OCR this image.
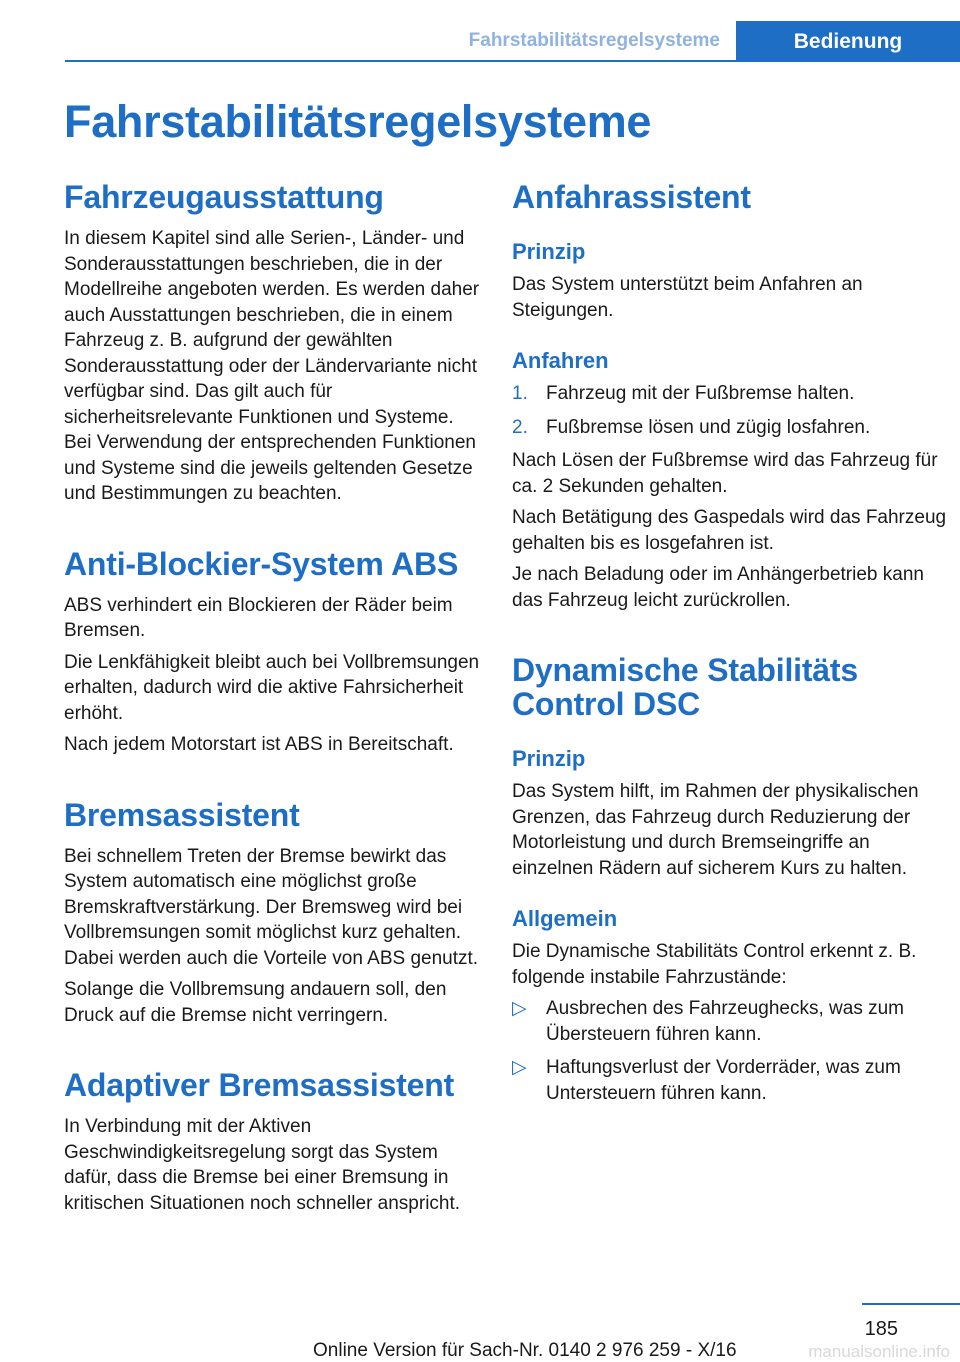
Fahrstabilitätsregelsysteme	Bedienung
Fahrstabilitätsregelsysteme
Fahrzeugausstattung

In diesem Kapitel sind alle Serien-, Länder- und Sonderausstattungen beschrieben, die in der Modellreihe angeboten werden. Es werden daher auch Ausstattungen beschrieben, die in einem Fahrzeug z. B. aufgrund der gewählten Sonderausstattung oder der Ländervariante nicht verfügbar sind. Das gilt auch für sicherheitsrelevante Funktionen und Systeme. Bei Verwendung der entsprechenden Funktionen und Systeme sind die jeweils geltenden Gesetze und Bestimmungen zu beachten.

Anti-Blockier-System ABS

ABS verhindert ein Blockieren der Räder beim Bremsen.

Die Lenkfähigkeit bleibt auch bei Vollbremsungen erhalten, dadurch wird die aktive Fahrsicherheit erhöht.

Nach jedem Motorstart ist ABS in Bereitschaft.

Bremsassistent

Bei schnellem Treten der Bremse bewirkt das System automatisch eine möglichst große Bremskraftverstärkung. Der Bremsweg wird bei Vollbremsungen somit möglichst kurz gehalten. Dabei werden auch die Vorteile von ABS genutzt.

Solange die Vollbremsung andauern soll, den Druck auf die Bremse nicht verringern.

Adaptiver Bremsassistent

In Verbindung mit der Aktiven Geschwindigkeitsregelung sorgt das System dafür, dass die Bremse bei einer Bremsung in kritischen Situationen noch schneller anspricht.

Anfahrassistent
Prinzip

Das System unterstützt beim Anfahren an Steigungen.

Anfahren
1. Fahrzeug mit der Fußbremse halten.
2. Fußbremse lösen und zügig losfahren.

Nach Lösen der Fußbremse wird das Fahrzeug für ca. 2 Sekunden gehalten.

Nach Betätigung des Gaspedals wird das Fahrzeug gehalten bis es losgefahren ist.

Je nach Beladung oder im Anhängerbetrieb kann das Fahrzeug leicht zurückrollen.

Dynamische Stabilitäts Control DSC
Prinzip

Das System hilft, im Rahmen der physikalischen Grenzen, das Fahrzeug durch Reduzierung der Motorleistung und durch Bremseingriffe an einzelnen Rädern auf sicherem Kurs zu halten.

Allgemein

Die Dynamische Stabilitäts Control erkennt z. B. folgende instabile Fahrzustände:

▷ Ausbrechen des Fahrzeughecks, was zum Übersteuern führen kann.
▷ Haftungsverlust der Vorderräder, was zum Untersteuern führen kann.
185
Online Version für Sach-Nr. 0140 2 976 259 - X/16	manualsonline.info
